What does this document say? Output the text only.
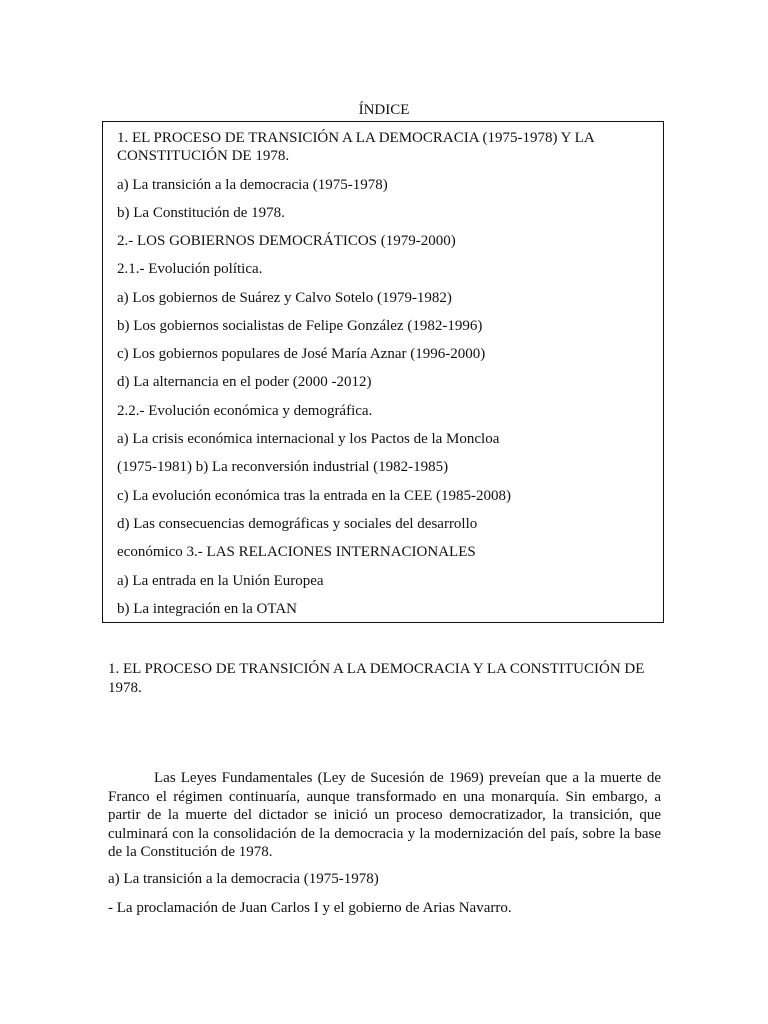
ÍNDICE
1. EL PROCESO DE TRANSICIÓN A LA DEMOCRACIA (1975-1978) Y LA CONSTITUCIÓN DE 1978.
a) La transición a la democracia (1975-1978)
b) La Constitución de 1978.
2.- LOS GOBIERNOS DEMOCRÁTICOS (1979-2000)
2.1.- Evolución política.
a) Los gobiernos de Suárez y Calvo Sotelo (1979-1982)
b) Los gobiernos socialistas de Felipe González (1982-1996)
c) Los gobiernos populares de José María Aznar (1996-2000)
d) La alternancia en el poder (2000 -2012)
2.2.- Evolución económica y demográfica.
a) La crisis económica internacional y los Pactos de la Moncloa
(1975-1981) b) La reconversión industrial (1982-1985)
c) La evolución económica tras la entrada en la CEE (1985-2008)
d) Las consecuencias demográficas y sociales del desarrollo
económico 3.- LAS RELACIONES INTERNACIONALES
a) La entrada en la Unión Europea
b) La integración en la OTAN
1. EL PROCESO DE TRANSICIÓN A LA DEMOCRACIA Y LA CONSTITUCIÓN DE 1978.
Las Leyes Fundamentales (Ley de Sucesión de 1969) preveían que a la muerte de Franco el régimen continuaría, aunque transformado en una monarquía. Sin embargo, a partir de la muerte del dictador se inició un proceso democratizador, la transición, que culminará con la consolidación de la democracia y la modernización del país, sobre la base de la Constitución de 1978.
a) La transición a la democracia (1975-1978)
- La proclamación de Juan Carlos I y el gobierno de Arias Navarro.
